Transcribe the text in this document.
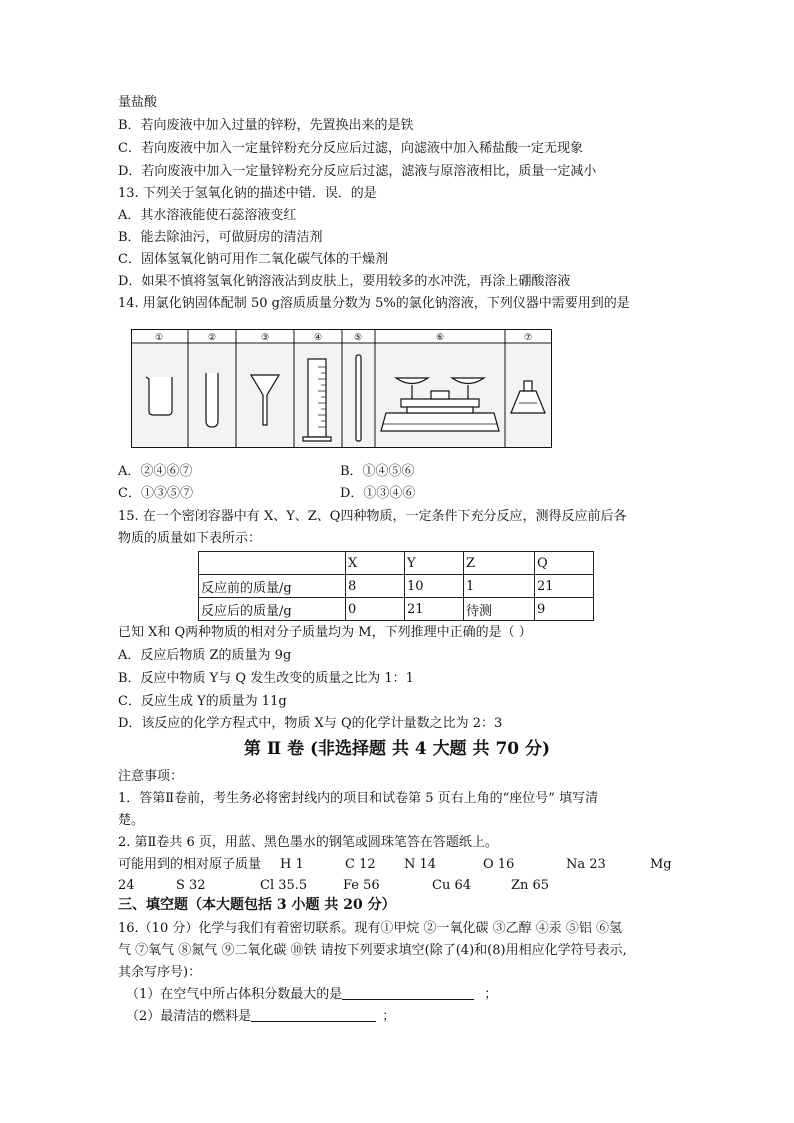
量盐酸
B．若向废液中加入过量的锌粉，先置换出来的是铁
C．若向废液中加入一定量锌粉充分反应后过滤，向滤液中加入稀盐酸一定无现象
D．若向废液中加入一定量锌粉充分反应后过滤，滤液与原溶液相比，质量一定减小
13. 下列关于氢氧化钠的描述中错．误．的是
A．其水溶液能使石蕊溶液变红
B．能去除油污，可做厨房的清洁剂
C．固体氢氧化钠可用作二氧化碳气体的干燥剂
D．如果不慎将氢氧化钠溶液沾到皮肤上，要用较多的水冲洗，再涂上硼酸溶液
14. 用氯化钠固体配制 50 g溶质质量分数为 5%的氯化钠溶液，下列仪器中需要用到的是
①	②	③	④	⑤	⑥	⑦
A．②④⑥⑦	B．①④⑤⑥
C．①③⑤⑦	D．①③④⑥
15. 在一个密闭容器中有 X、Y、Z、Q四种物质，一定条件下充分反应，测得反应前后各
物质的质量如下表所示：
	X	Y	Z	Q
反应前的质量/g	8	10	1	21
反应后的质量/g	0	21	待测	9
已知 X和 Q两种物质的相对分子质量均为 M，下列推理中正确的是（ ）
A．反应后物质 Z的质量为 9g
B．反应中物质 Y与 Q 发生改变的质量之比为 1：1
C．反应生成 Y的质量为 11g
D．该反应的化学方程式中，物质 X与 Q的化学计量数之比为 2：3
第 Ⅱ 卷 (非选择题 共 4 大题 共 70 分)
注意事项：
1．答第Ⅱ卷前，考生务必将密封线内的项目和试卷第 5 页右上角的“座位号” 填写清
楚。
2. 第Ⅱ卷共 6 页，用蓝、黑色墨水的钢笔或圆珠笔答在答题纸上。
可能用到的相对原子质量 H 1	C 12 N 14	O 16	Na 23	Mg
24	S 32	Cl 35.5	Fe 56	Cu 64	Zn 65
三、填空题（本大题包括 3 小题 共 20 分）
16.（10 分）化学与我们有着密切联系。现有①甲烷 ②一氧化碳 ③乙醇 ④汞 ⑤铝 ⑥氢
气 ⑦氧气 ⑧氮气 ⑨二氧化碳 ⑩铁 请按下列要求填空(除了(4)和(8)用相应化学符号表示,
其余写序号)：
（1）在空气中所占体积分数最大的是	；
（2）最清洁的燃料是	；
